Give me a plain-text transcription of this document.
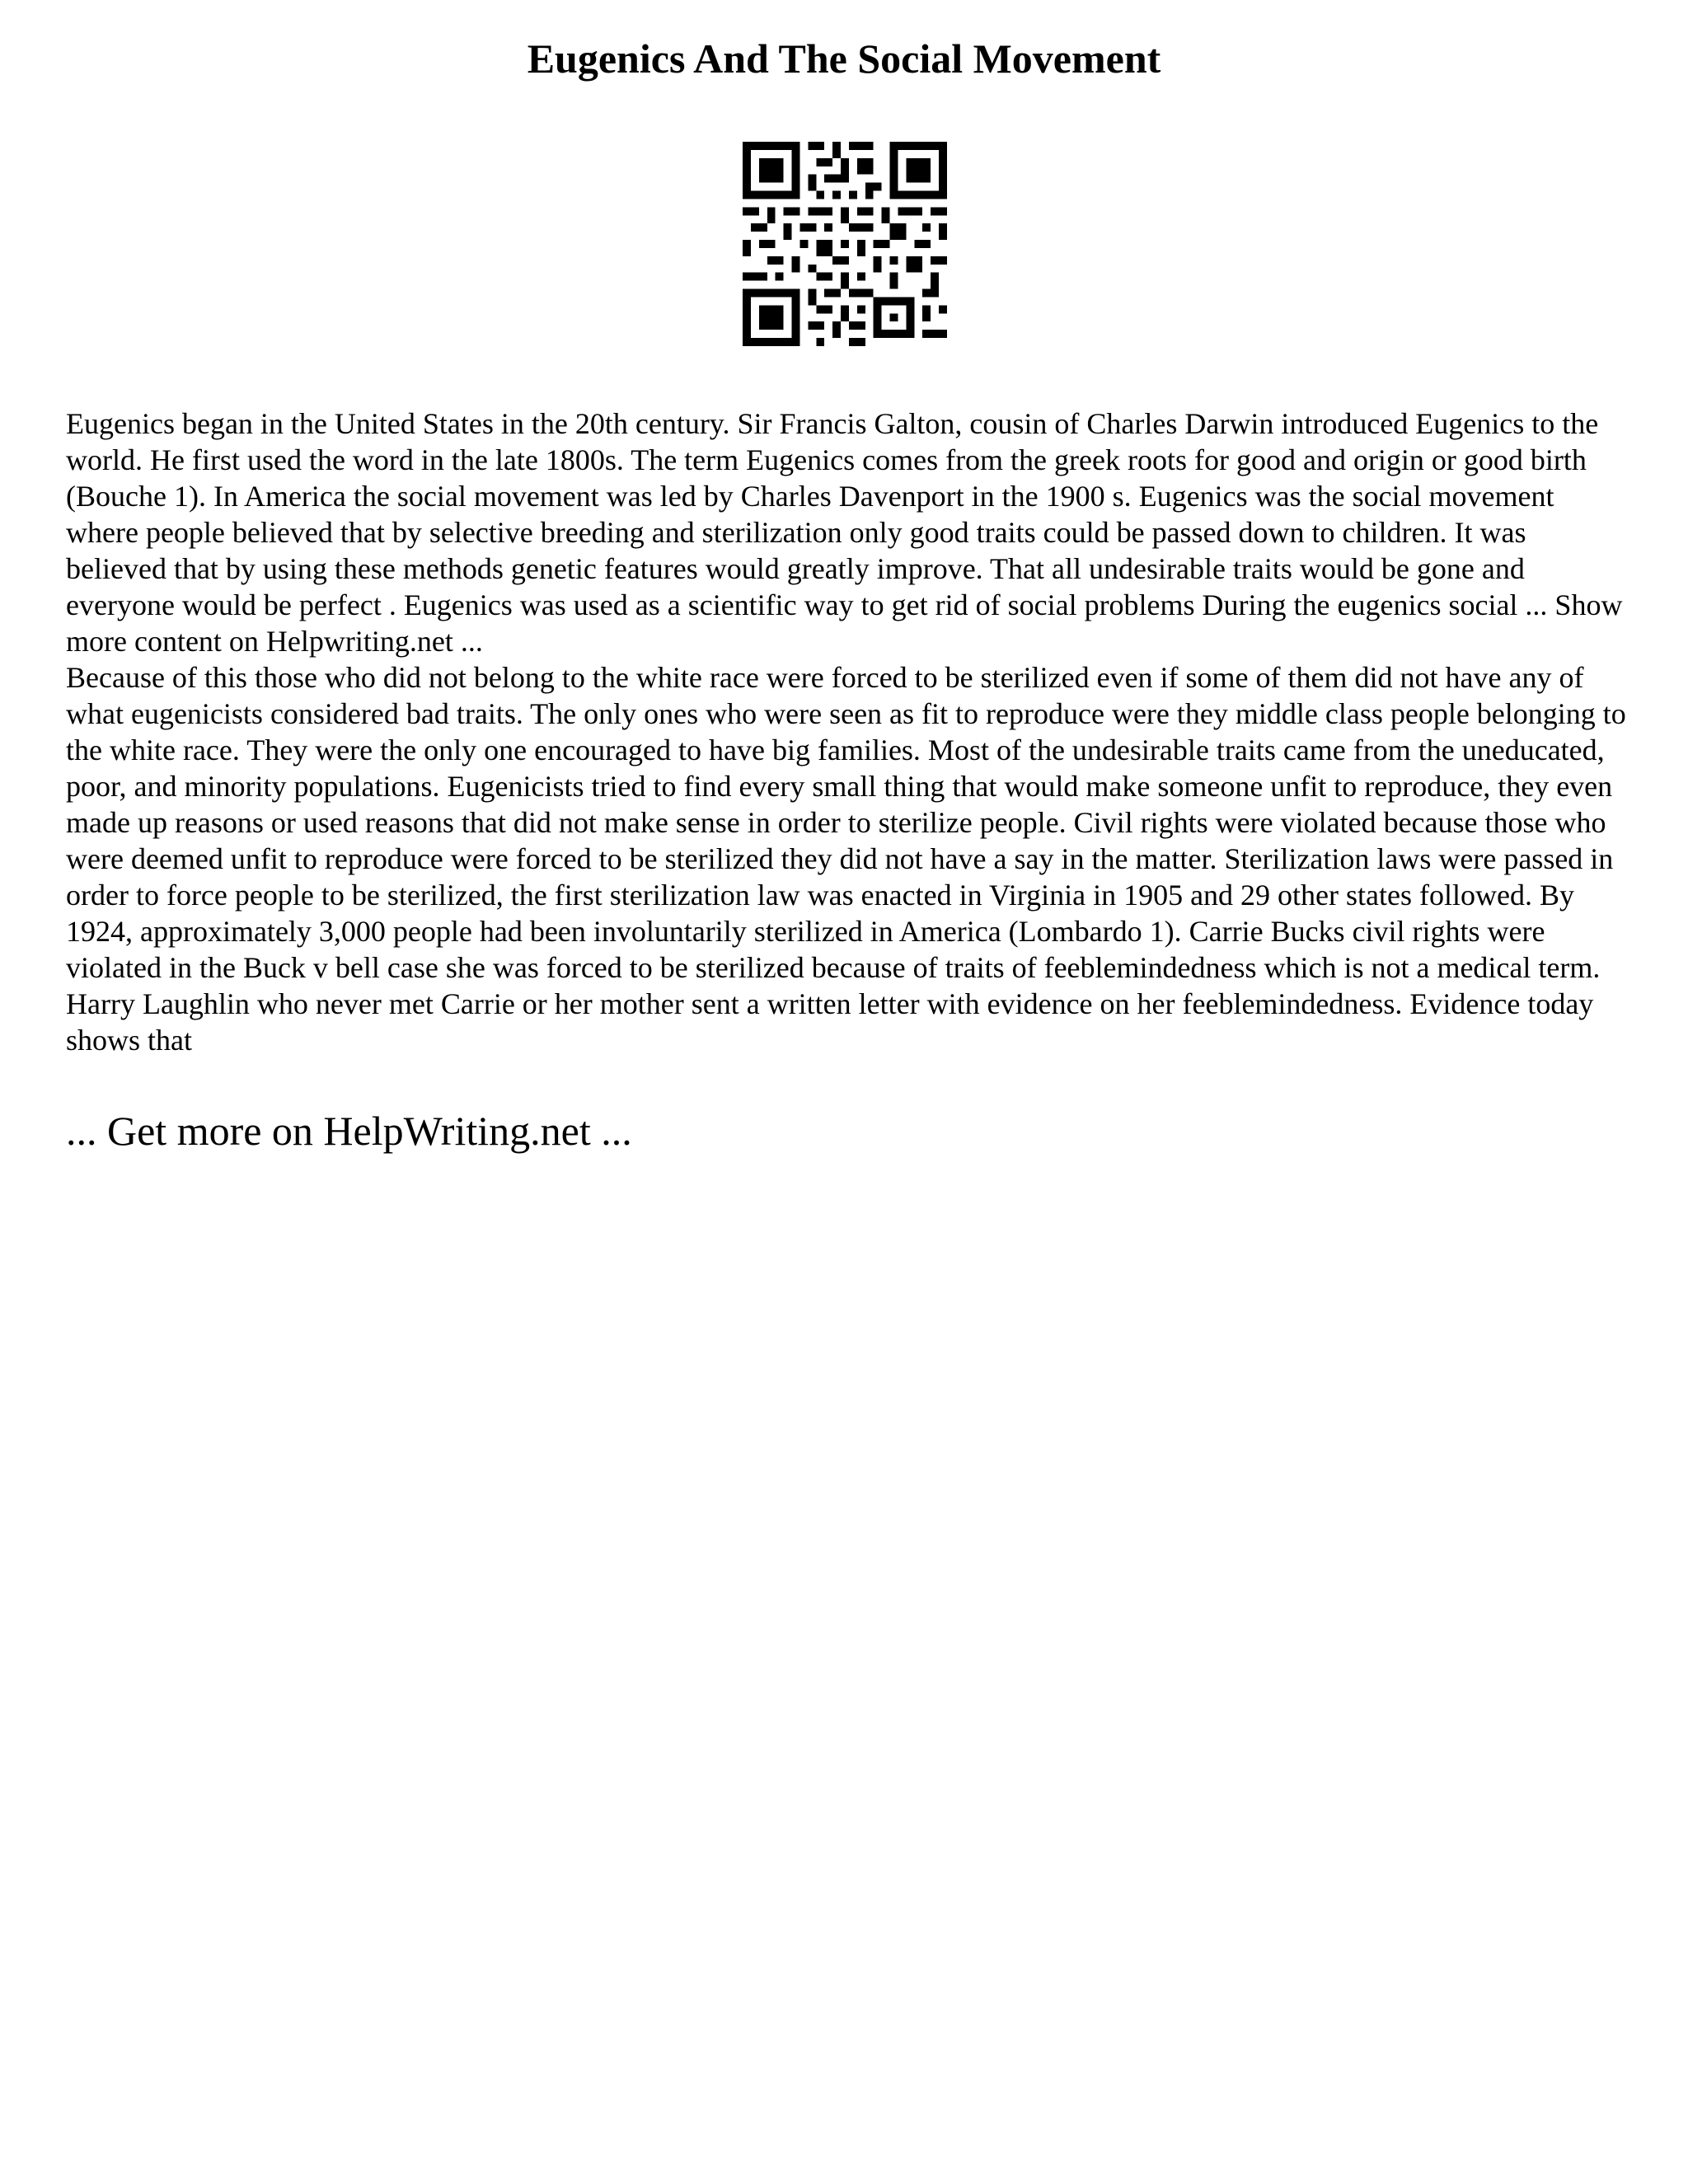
Eugenics And The Social Movement

Eugenics began in the United States in the 20th century. Sir Francis Galton, cousin of Charles Darwin introduced Eugenics to the world. He first used the word in the late 1800s. The term Eugenics comes from the greek roots for good and origin or good birth (Bouche 1). In America the social movement was led by Charles Davenport in the 1900 s. Eugenics was the social movement where people believed that by selective breeding and sterilization only good traits could be passed down to children. It was believed that by using these methods genetic features would greatly improve. That all undesirable traits would be gone and everyone would be perfect . Eugenics was used as a scientific way to get rid of social problems During the eugenics social ... Show more content on Helpwriting.net ...

Because of this those who did not belong to the white race were forced to be sterilized even if some of them did not have any of what eugenicists considered bad traits. The only ones who were seen as fit to reproduce were they middle class people belonging to the white race. They were the only one encouraged to have big families. Most of the undesirable traits came from the uneducated, poor, and minority populations. Eugenicists tried to find every small thing that would make someone unfit to reproduce, they even made up reasons or used reasons that did not make sense in order to sterilize people. Civil rights were violated because those who were deemed unfit to reproduce were forced to be sterilized they did not have a say in the matter. Sterilization laws were passed in order to force people to be sterilized, the first sterilization law was enacted in Virginia in 1905 and 29 other states followed. By 1924, approximately 3,000 people had been involuntarily sterilized in America (Lombardo 1). Carrie Bucks civil rights were violated in the Buck v bell case she was forced to be sterilized because of traits of feeblemindedness which is not a medical term. Harry Laughlin who never met Carrie or her mother sent a written letter with evidence on her feeblemindedness. Evidence today shows that

... Get more on HelpWriting.net ...
